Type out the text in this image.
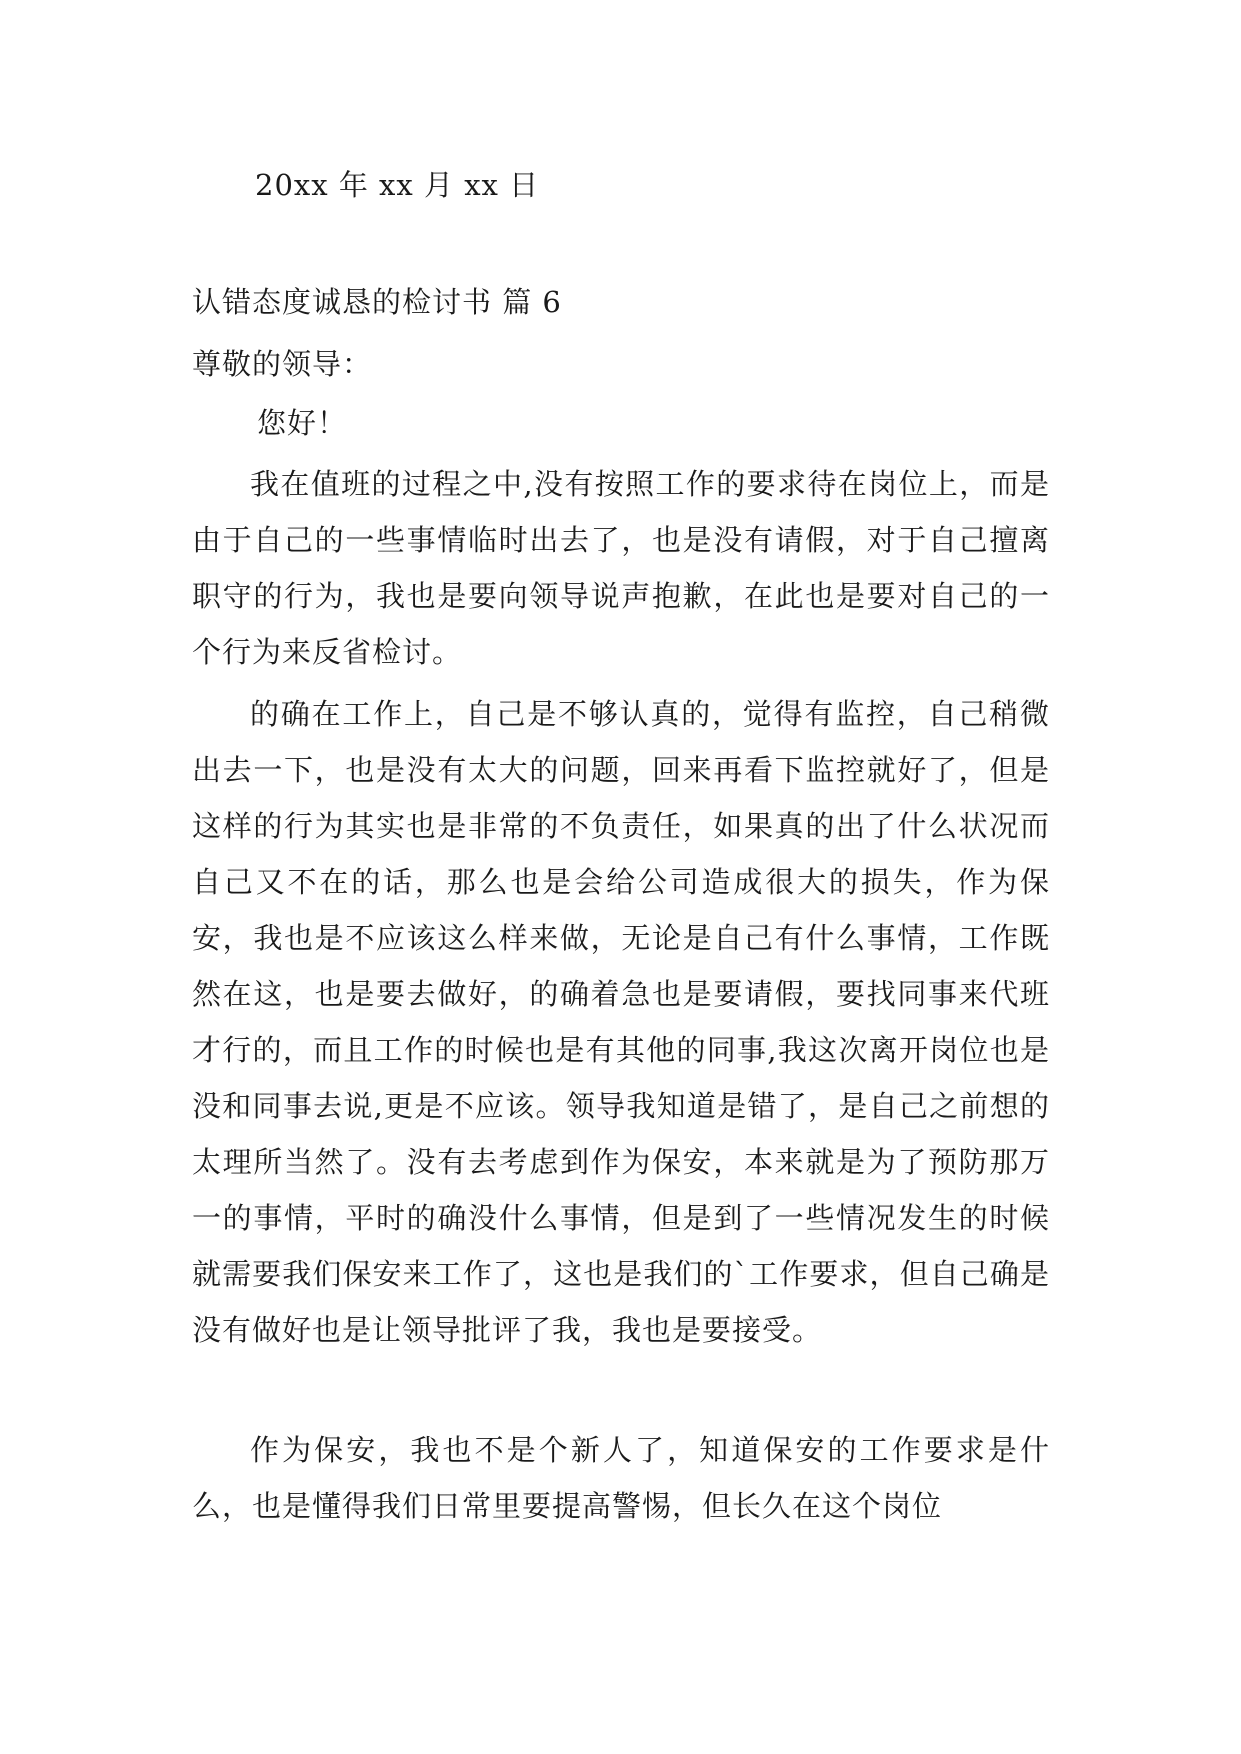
20xx 年 xx 月 xx 日
认错态度诚恳的检讨书 篇 6
尊敬的领导：
您好！

我在值班的过程之中,没有按照工作的要求待在岗位上，而是由于自己的一些事情临时出去了，也是没有请假，对于自己擅离职守的行为，我也是要向领导说声抱歉，在此也是要对自己的一个行为来反省检讨。

的确在工作上，自己是不够认真的，觉得有监控，自己稍微出去一下，也是没有太大的问题，回来再看下监控就好了，但是这样的行为其实也是非常的不负责任，如果真的出了什么状况而自己又不在的话，那么也是会给公司造成很大的损失，作为保安，我也是不应该这么样来做，无论是自己有什么事情，工作既然在这，也是要去做好，的确着急也是要请假，要找同事来代班才行的，而且工作的时候也是有其他的同事,我这次离开岗位也是没和同事去说,更是不应该。领导我知道是错了，是自己之前想的太理所当然了。没有去考虑到作为保安，本来就是为了预防那万一的事情，平时的确没什么事情，但是到了一些情况发生的时候就需要我们保安来工作了，这也是我们的`工作要求，但自己确是没有做好也是让领导批评了我，我也是要接受。

作为保安，我也不是个新人了，知道保安的工作要求是什么，也是懂得我们日常里要提高警惕，但长久在这个岗位
